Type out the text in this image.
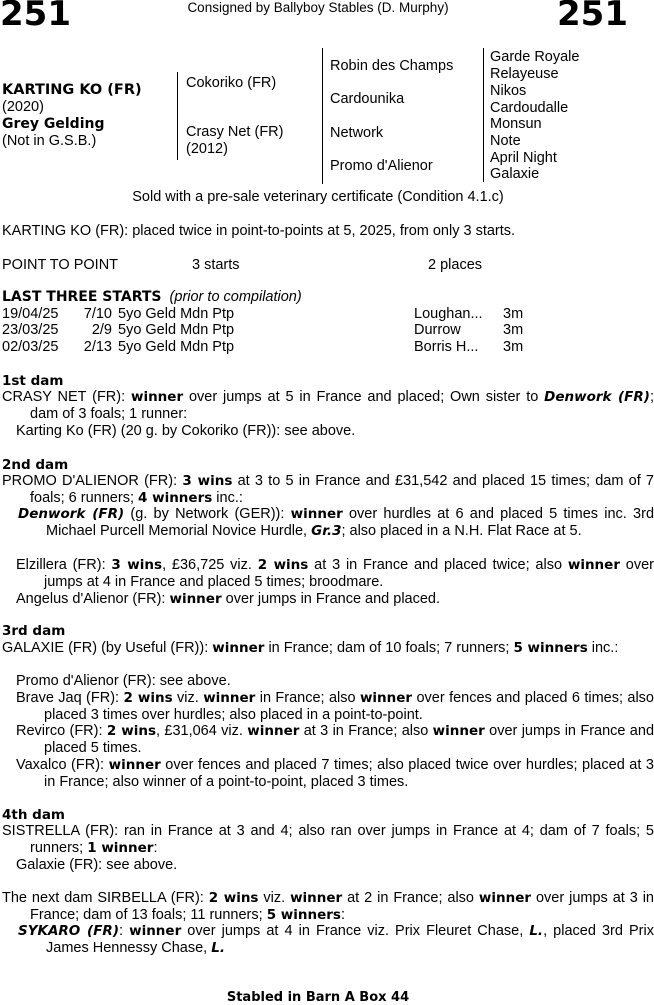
251	Consigned by Ballyboy Stables (D. Murphy)	251
KARTING KO (FR)
(2020)
Grey Gelding
(Not in G.S.B.)
Cokoriko (FR)
Crasy Net (FR)
(2012)
Robin des Champs
Cardounika
Network
Promo d'Alienor
Garde Royale
Relayeuse
Nikos
Cardoudalle
Monsun
Note
April Night
Galaxie
Sold with a pre-sale veterinary certificate (Condition 4.1.c)
KARTING KO (FR): placed twice in point-to-points at 5, 2025, from only 3 starts.
POINT TO POINT	3 starts	2 places
LAST THREE STARTS (prior to compilation)
19/04/25	7/10 5yo Geld Mdn Ptp	Loughan... 3m
23/03/25	2/9 5yo Geld Mdn Ptp	Durrow	3m
02/03/25	2/13 5yo Geld Mdn Ptp	Borris H... 3m
1st dam
CRASY NET (FR): winner over jumps at 5 in France and placed; Own sister to Denwork (FR); dam of 3 foals; 1 runner:
Karting Ko (FR) (20 g. by Cokoriko (FR)): see above.
2nd dam
PROMO D'ALIENOR (FR): 3 wins at 3 to 5 in France and £31,542 and placed 15 times; dam of 7 foals; 6 runners; 4 winners inc.:
Denwork (FR) (g. by Network (GER)): winner over hurdles at 6 and placed 5 times inc. 3rd Michael Purcell Memorial Novice Hurdle, Gr.3; also placed in a N.H. Flat Race at 5.
Elzillera (FR): 3 wins, £36,725 viz. 2 wins at 3 in France and placed twice; also winner over jumps at 4 in France and placed 5 times; broodmare.
Angelus d'Alienor (FR): winner over jumps in France and placed.
3rd dam
GALAXIE (FR) (by Useful (FR)): winner in France; dam of 10 foals; 7 runners; 5 winners inc.:
Promo d'Alienor (FR): see above.
Brave Jaq (FR): 2 wins viz. winner in France; also winner over fences and placed 6 times; also placed 3 times over hurdles; also placed in a point-to-point.
Revirco (FR): 2 wins, £31,064 viz. winner at 3 in France; also winner over jumps in France and placed 5 times.
Vaxalco (FR): winner over fences and placed 7 times; also placed twice over hurdles; placed at 3 in France; also winner of a point-to-point, placed 3 times.
4th dam
SISTRELLA (FR): ran in France at 3 and 4; also ran over jumps in France at 4; dam of 7 foals; 5 runners; 1 winner:
Galaxie (FR): see above.
The next dam SIRBELLA (FR): 2 wins viz. winner at 2 in France; also winner over jumps at 3 in France; dam of 13 foals; 11 runners; 5 winners:
SYKARO (FR): winner over jumps at 4 in France viz. Prix Fleuret Chase, L., placed 3rd Prix James Hennessy Chase, L.
Stabled in Barn A Box 44
